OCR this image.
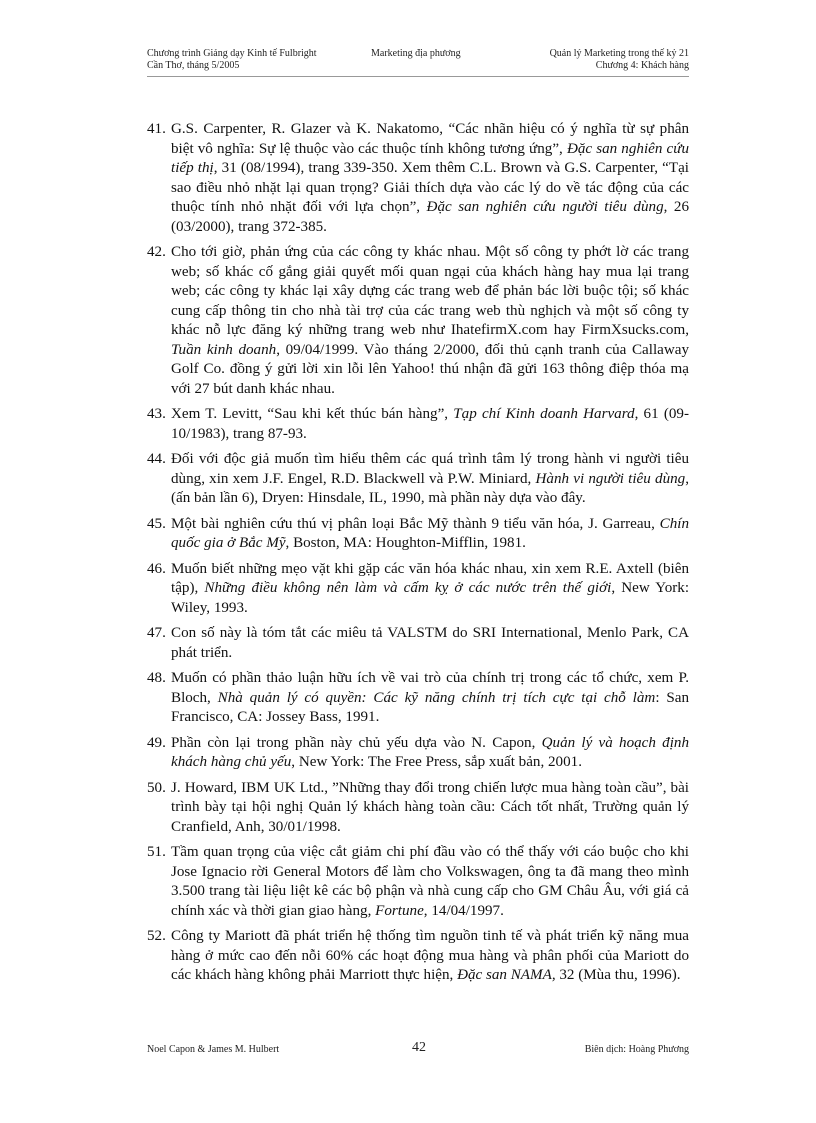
Chương trình Giảng dạy Kinh tế Fulbright
Cần Thơ, tháng 5/2005
Marketing địa phương	Quản lý Marketing trong thế kỷ 21
Chương 4: Khách hàng
41. G.S. Carpenter, R. Glazer và K. Nakatomo, “Các nhãn hiệu có ý nghĩa từ sự phân biệt vô nghĩa: Sự lệ thuộc vào các thuộc tính không tương ứng”, Đặc san nghiên cứu tiếp thị, 31 (08/1994), trang 339-350. Xem thêm C.L. Brown và G.S. Carpenter, “Tại sao điều nhỏ nhặt lại quan trọng? Giải thích dựa vào các lý do về tác động của các thuộc tính nhỏ nhặt đối với lựa chọn”, Đặc san nghiên cứu người tiêu dùng, 26 (03/2000), trang 372-385.
42. Cho tới giờ, phản ứng của các công ty khác nhau. Một số công ty phớt lờ các trang web; số khác cố gắng giải quyết mối quan ngại của khách hàng hay mua lại trang web; các công ty khác lại xây dựng các trang web để phản bác lời buộc tội; số khác cung cấp thông tin cho nhà tài trợ của các trang web thù nghịch và một số công ty khác nỗ lực đăng ký những trang web như IhatefirmX.com hay FirmXsucks.com, Tuần kinh doanh, 09/04/1999. Vào tháng 2/2000, đối thủ cạnh tranh của Callaway Golf Co. đồng ý gửi lời xin lỗi lên Yahoo! thú nhận đã gửi 163 thông điệp thóa mạ với 27 bút danh khác nhau.
43. Xem T. Levitt, “Sau khi kết thúc bán hàng”, Tạp chí Kinh doanh Harvard, 61 (09-10/1983), trang 87-93.
44. Đối với độc giả muốn tìm hiểu thêm các quá trình tâm lý trong hành vi người tiêu dùng, xin xem J.F. Engel, R.D. Blackwell và P.W. Miniard, Hành vi người tiêu dùng, (ấn bản lần 6), Dryen: Hinsdale, IL, 1990, mà phần này dựa vào đây.
45. Một bài nghiên cứu thú vị phân loại Bắc Mỹ thành 9 tiểu văn hóa, J. Garreau, Chín quốc gia ở Bắc Mỹ, Boston, MA: Houghton-Mifflin, 1981.
46. Muốn biết những mẹo vặt khi gặp các văn hóa khác nhau, xin xem R.E. Axtell (biên tập), Những điều không nên làm và cấm kỵ ở các nước trên thế giới, New York: Wiley, 1993.
47. Con số này là tóm tắt các miêu tả VALSTM do SRI International, Menlo Park, CA phát triển.
48. Muốn có phần thảo luận hữu ích về vai trò của chính trị trong các tổ chức, xem P. Bloch, Nhà quản lý có quyền: Các kỹ năng chính trị tích cực tại chỗ làm: San Francisco, CA: Jossey Bass, 1991.
49. Phần còn lại trong phần này chủ yếu dựa vào N. Capon, Quản lý và hoạch định khách hàng chủ yếu, New York: The Free Press, sắp xuất bản, 2001.
50. J. Howard, IBM UK Ltd., ”Những thay đổi trong chiến lược mua hàng toàn cầu”, bài trình bày tại hội nghị Quản lý khách hàng toàn cầu: Cách tốt nhất, Trường quản lý Cranfield, Anh, 30/01/1998.
51. Tầm quan trọng của việc cắt giảm chi phí đầu vào có thể thấy với cáo buộc cho khi Jose Ignacio rời General Motors để làm cho Volkswagen, ông ta đã mang theo mình 3.500 trang tài liệu liệt kê các bộ phận và nhà cung cấp cho GM Châu Âu, với giá cả chính xác và thời gian giao hàng, Fortune, 14/04/1997.
52. Công ty Mariott đã phát triển hệ thống tìm nguồn tinh tế và phát triển kỹ năng mua hàng ở mức cao đến nỗi 60% các hoạt động mua hàng và phân phối của Mariott do các khách hàng không phải Marriott thực hiện, Đặc san NAMA, 32 (Mùa thu, 1996).
Noel Capon & James M. Hulbert	42	Biên dịch: Hoàng Phương
